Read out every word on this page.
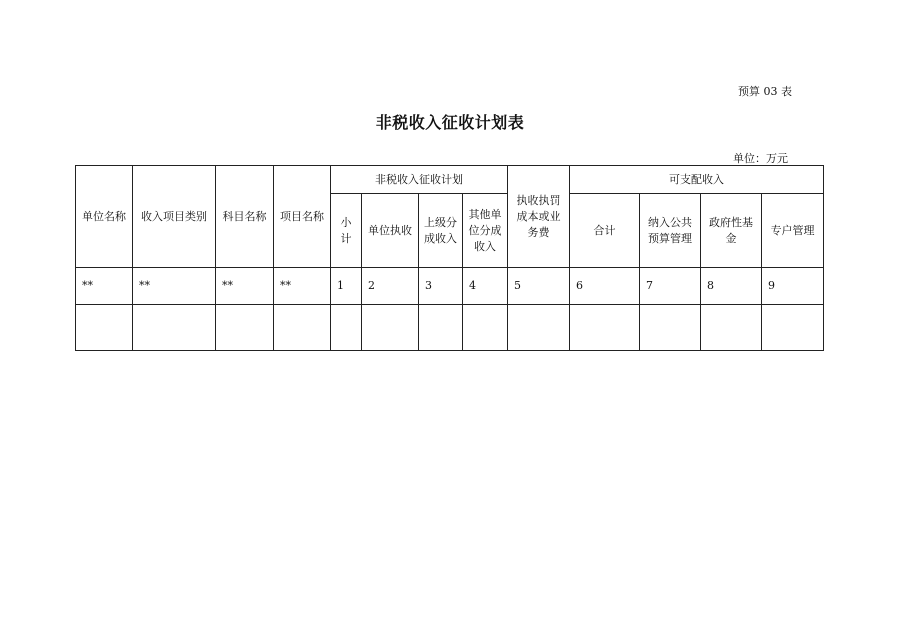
预算 03 表
非税收入征收计划表
单位：万元
单位名称	收入项目类别	科目名称	项目名称	非税收入征收计划				执收执罚成本或业务费	可支配收入			
				小计	单位执收	上级分成收入	其他单位分成收入		合计	纳入公共预算管理	政府性基金	专户管理
**	**	**	**	1	2	3	4	5	6	7	8	9
